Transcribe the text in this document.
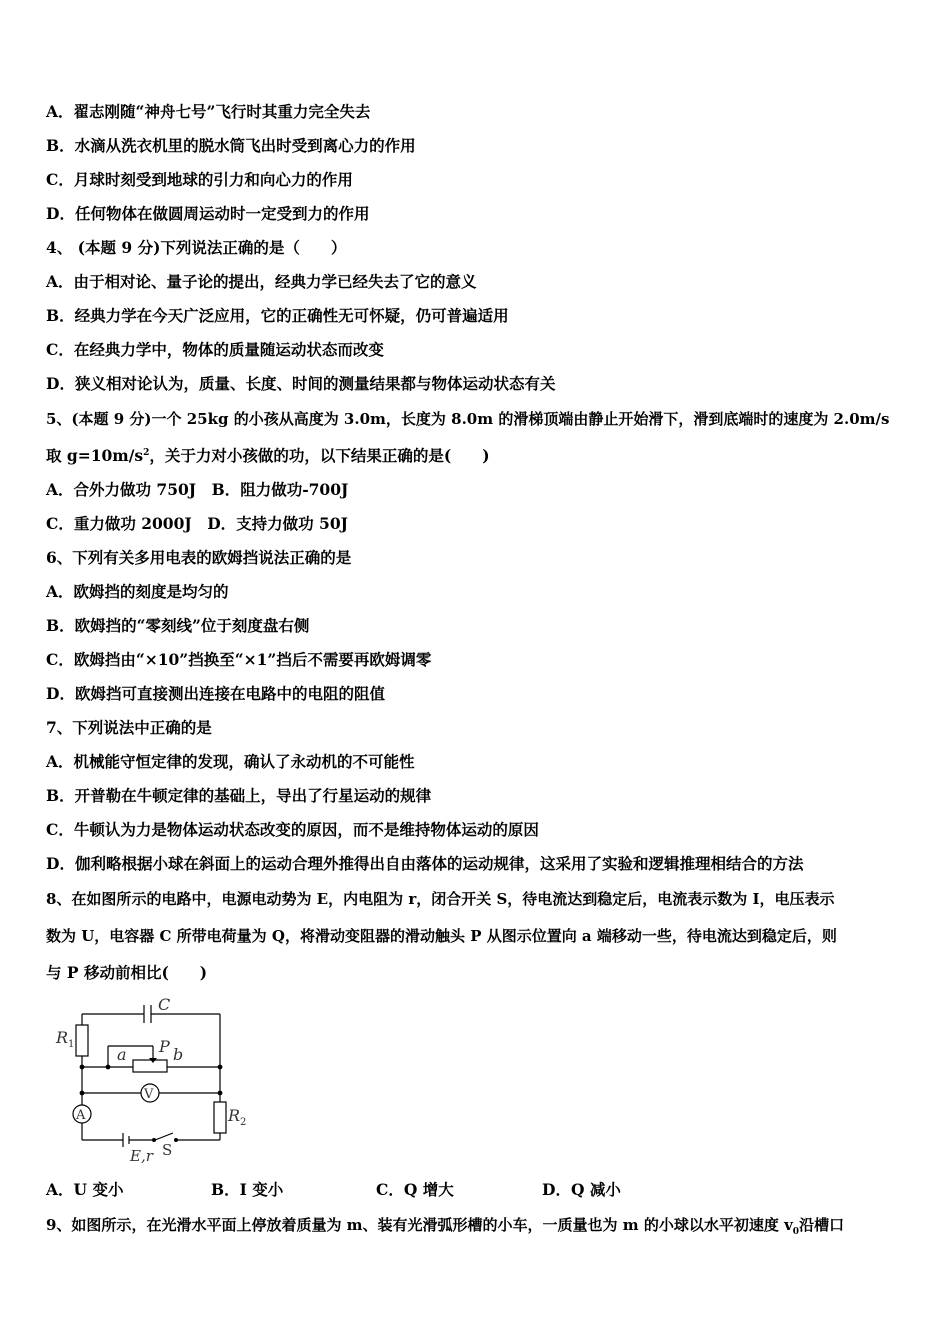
A．翟志刚随“神舟七号”飞行时其重力完全失去
B．水滴从洗衣机里的脱水筒飞出时受到离心力的作用
C．月球时刻受到地球的引力和向心力的作用
D．任何物体在做圆周运动时一定受到力的作用
4、 (本题 9 分)下列说法正确的是（　　）
A．由于相对论、量子论的提出，经典力学已经失去了它的意义
B．经典力学在今天广泛应用，它的正确性无可怀疑，仍可普遍适用
C．在经典力学中，物体的质量随运动状态而改变
D．狭义相对论认为，质量、长度、时间的测量结果都与物体运动状态有关
5、(本题 9 分)一个 25kg 的小孩从高度为 3.0m，长度为 8.0m 的滑梯顶端由静止开始滑下，滑到底端时的速度为 2.0m/s
取 $g=10m/s^2$，关于力对小孩做的功，以下结果正确的是(　　)
A．合外力做功 750J　B．阻力做功-700J
C．重力做功 2000J　D．支持力做功 50J
6、下列有关多用电表的欧姆挡说法正确的是
A．欧姆挡的刻度是均匀的
B．欧姆挡的“零刻线”位于刻度盘右侧
C．欧姆挡由“×10”挡换至“×1”挡后不需要再欧姆调零
D．欧姆挡可直接测出连接在电路中的电阻的阻值
7、下列说法中正确的是
A．机械能守恒定律的发现，确认了永动机的不可能性
B．开普勒在牛顿定律的基础上，导出了行星运动的规律
C．牛顿认为力是物体运动状态改变的原因，而不是维持物体运动的原因
D．伽利略根据小球在斜面上的运动合理外推得出自由落体的运动规律，这采用了实验和逻辑推理相结合的方法
8、在如图所示的电路中，电源电动势为 E，内电阻为 r，闭合开关 S，待电流达到稳定后，电流表示数为 I，电压表示
数为 U，电容器 C 所带电荷量为 Q，将滑动变阻器的滑动触头 P 从图示位置向 a 端移动一些，待电流达到稳定后，则
与 P 移动前相比(　　)
C
$R_1$
a P b
V
A	$R_2$
E,r S
A．U 变小	B．I 变小	C．Q 增大	D．Q 减小
9、如图所示，在光滑水平面上停放着质量为 m、装有光滑弧形槽的小车，一质量也为 m 的小球以水平初速度 $v_0$沿槽口
